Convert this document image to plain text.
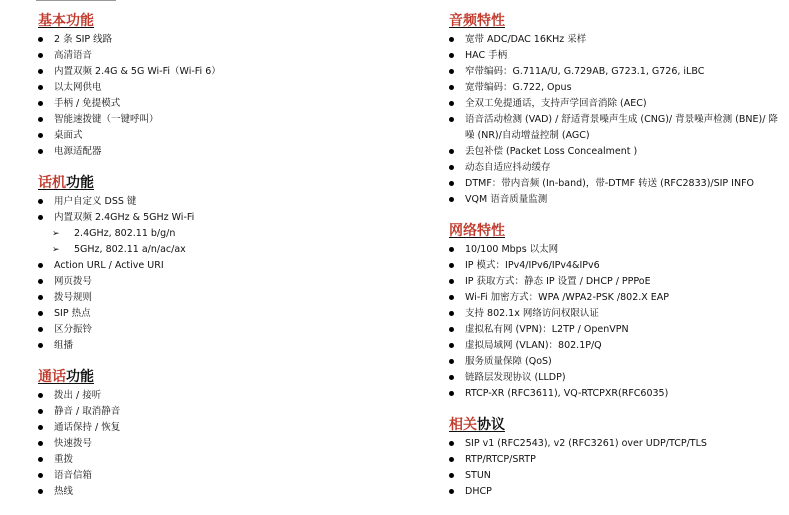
基本功能
2 条 SIP 线路
高清语音
内置双频 2.4G & 5G Wi-Fi（Wi-Fi 6）
以太网供电
手柄 / 免提模式
智能速拨键（一键呼叫）
桌面式
电源适配器
话机功能
用户自定义 DSS 键
内置双频 2.4GHz & 5GHz Wi-Fi
➢ 2.4GHz, 802.11 b/g/n
➢ 5GHz, 802.11 a/n/ac/ax
Action URL / Active URI
网页拨号
拨号规则
SIP 热点
区分振铃
组播
通话功能
拨出 / 接听
静音 / 取消静音
通话保持 / 恢复
快速拨号
重拨
语音信箱
热线
音频特性
宽带 ADC/DAC 16KHz 采样
HAC 手柄
窄带编码：G.711A/U, G.729AB, G723.1, G726, iLBC
宽带编码：G.722, Opus
全双工免提通话，支持声学回音消除 (AEC)
语音活动检测 (VAD) / 舒适背景噪声生成 (CNG)/ 背景噪声检测 (BNE)/ 降噪 (NR)/自动增益控制 (AGC)
丢包补偿 (Packet Loss Concealment )
动态自适应抖动缓存
DTMF：带内音频 (In-band)，带-DTMF 转送 (RFC2833)/SIP INFO
VQM 语音质量监测
网络特性
10/100 Mbps 以太网
IP 模式：IPv4/IPv6/IPv4&IPv6
IP 获取方式：静态 IP 设置 / DHCP / PPPoE
Wi-Fi 加密方式：WPA /WPA2-PSK /802.X EAP
支持 802.1x 网络访问权限认证
虚拟私有网 (VPN)：L2TP / OpenVPN
虚拟局域网 (VLAN)：802.1P/Q
服务质量保障 (QoS)
链路层发现协议 (LLDP)
RTCP-XR (RFC3611), VQ-RTCPXR(RFC6035)
相关协议
SIP v1 (RFC2543), v2 (RFC3261) over UDP/TCP/TLS
RTP/RTCP/SRTP
STUN
DHCP
